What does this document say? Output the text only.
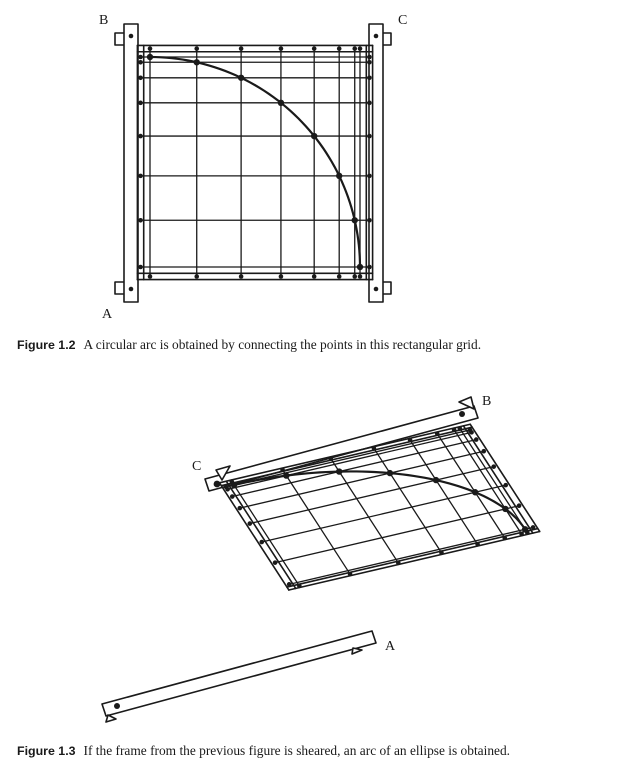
B	C
A
Figure 1.2 A circular arc is obtained by connecting the points in this rectangular grid.
B
C
A
Figure 1.3 If the frame from the previous figure is sheared, an arc of an ellipse is obtained.
